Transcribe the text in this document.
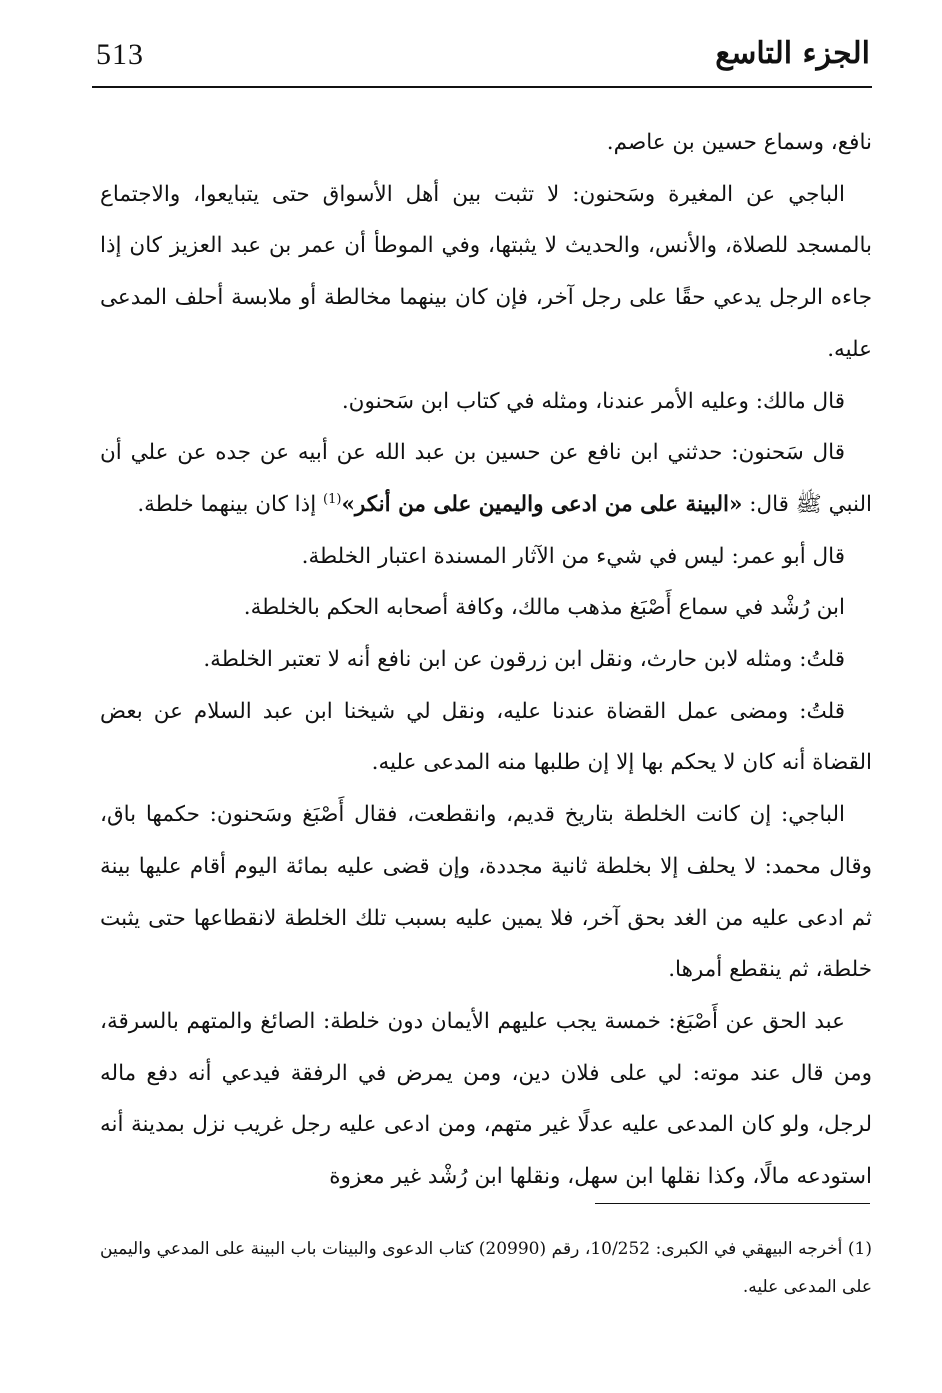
513	الجزء التاسع

نافع، وسماع حسين بن عاصم.

الباجي عن المغيرة وسَحنون: لا تثبت بين أهل الأسواق حتى يتبايعوا، والاجتماع بالمسجد للصلاة، والأنس، والحديث لا يثبتها، وفي الموطأ أن عمر بن عبد العزيز كان إذا جاءه الرجل يدعي حقًا على رجل آخر، فإن كان بينهما مخالطة أو ملابسة أحلف المدعى عليه.

قال مالك: وعليه الأمر عندنا، ومثله في كتاب ابن سَحنون.

قال سَحنون: حدثني ابن نافع عن حسين بن عبد الله عن أبيه عن جده عن علي أن النبي ﷺ قال: «البينة على من ادعى واليمين على من أنكر»$^{(1)}$ إذا كان بينهما خلطة.

قال أبو عمر: ليس في شيء من الآثار المسندة اعتبار الخلطة.

ابن رُشْد في سماع أَصْبَغ مذهب مالك، وكافة أصحابه الحكم بالخلطة.

قلتُ: ومثله لابن حارث، ونقل ابن زرقون عن ابن نافع أنه لا تعتبر الخلطة.

قلتُ: ومضى عمل القضاة عندنا عليه، ونقل لي شيخنا ابن عبد السلام عن بعض القضاة أنه كان لا يحكم بها إلا إن طلبها منه المدعى عليه.

الباجي: إن كانت الخلطة بتاريخ قديم، وانقطعت، فقال أَصْبَغ وسَحنون: حكمها باق، وقال محمد: لا يحلف إلا بخلطة ثانية مجددة، وإن قضى عليه بمائة اليوم أقام عليها بينة ثم ادعى عليه من الغد بحق آخر، فلا يمين عليه بسبب تلك الخلطة لانقطاعها حتى يثبت خلطة، ثم ينقطع أمرها.

عبد الحق عن أَصْبَغ: خمسة يجب عليهم الأيمان دون خلطة: الصائغ والمتهم بالسرقة، ومن قال عند موته: لي على فلان دين، ومن يمرض في الرفقة فيدعي أنه دفع ماله لرجل، ولو كان المدعى عليه عدلًا غير متهم، ومن ادعى عليه رجل غريب نزل بمدينة أنه استودعه مالًا، وكذا نقلها ابن سهل، ونقلها ابن رُشْد غير معزوة

(1) أخرجه البيهقي في الكبرى: 10/252، رقم (20990) كتاب الدعوى والبينات باب البينة على المدعي واليمين على المدعى عليه.
